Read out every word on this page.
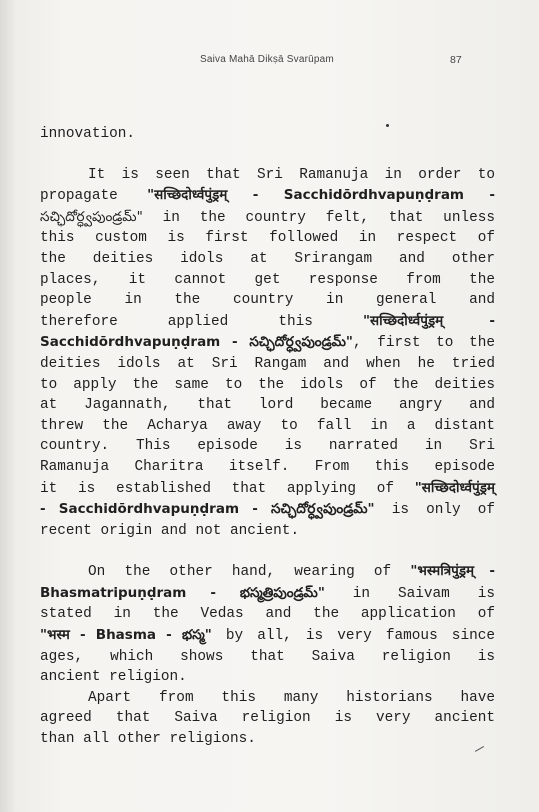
Saiva Mahā Dikṣā Svarūpam	87

innovation.

It is seen that Sri Ramanuja in order to

propagate "सच्छिदोर्ध्वपुंड्रम् - Sacchidōrdhvapuṇḍram -

సచ్ఛిదోర్ధ్వపుండ్రమ్" in the country felt, that unless

this custom is first followed in respect of

the deities idols at Srirangam and other

places, it cannot get response from the

people in the country in general and

therefore applied this "सच्छिदोर्ध्वपुंड्रम् -

Sacchidōrdhvapuṇḍram - సచ్ఛిదోర్ధ్వపుండ్రమ్", first to the

deities idols at Sri Rangam and when he tried

to apply the same to the idols of the deities

at Jagannath, that lord became angry and

threw the Acharya away to fall in a distant

country. This episode is narrated in Sri

Ramanuja Charitra itself. From this episode

it is established that applying of "सच्छिदोर्ध्वपुंड्रम्

- Sacchidōrdhvapuṇḍram - సచ్ఛిదోర్ధ్వపుండ్రమ్" is only of

recent origin and not ancient.

On the other hand, wearing of "भस्मत्रिपुंड्रम् -

Bhasmatripuṇḍram - భస్మత్రిపుండ్రమ్" in Saivam is

stated in the Vedas and the application of

"भस्म - Bhasma - భస్మ" by all, is very famous since

ages, which shows that Saiva religion is

ancient religion.

Apart from this many historians have

agreed that Saiva religion is very ancient

than all other religions.
